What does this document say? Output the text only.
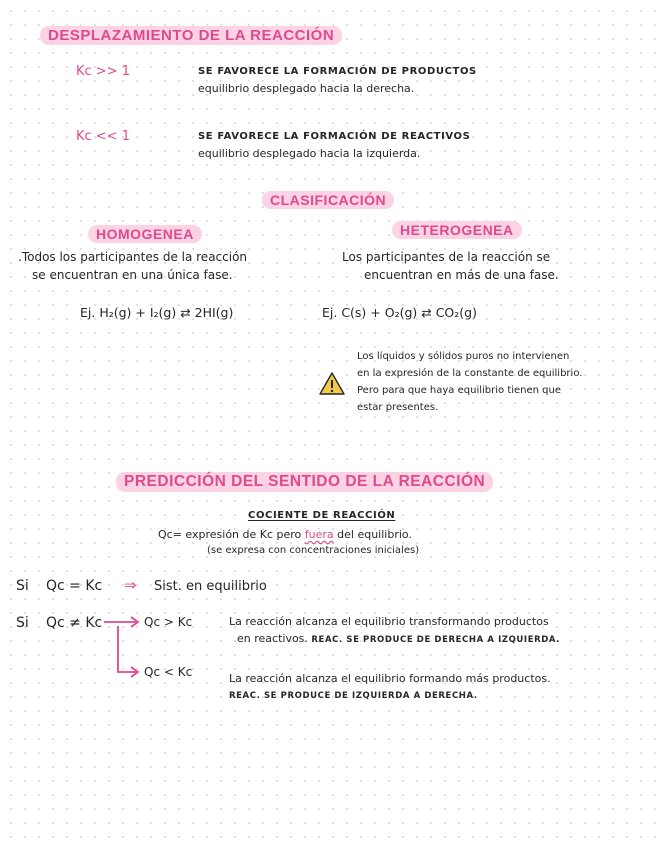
DESPLAZAMIENTO DE LA REACCIÓN
Kc >> 1	SE FAVORECE LA FORMACIÓN DE PRODUCTOS
equilibrio desplegado hacia la derecha.
Kc << 1	SE FAVORECE LA FORMACIÓN DE REACTIVOS
equilibrio desplegado hacia la izquierda.
CLASIFICACIÓN
HOMOGENEA	HETEROGENEA
.Todos los participantes de la reacción
se encuentran en una única fase.
Los participantes de la reacción se
encuentran en más de una fase.
Ej. H₂(g) + I₂(g) ⇄ 2HI(g)	Ej. C(s) + O₂(g) ⇄ CO₂(g)
Los líquidos y sólidos puros no intervienen
en la expresión de la constante de equilibrio.
Pero para que haya equilibrio tienen que
estar presentes.
PREDICCIÓN DEL SENTIDO DE LA REACCIÓN
COCIENTE DE REACCIÓN
Qc= expresión de Kc pero fuera del equilibrio.
(se expresa con concentraciones iniciales)
Si Qc = Kc ⇒ Sist. en equilibrio
Si Qc ≠ Kc	Qc > Kc	La reacción alcanza el equilibrio transformando productos
en reactivos. REAC. SE PRODUCE DE DERECHA A IZQUIERDA.
Qc < Kc	La reacción alcanza el equilibrio formando más productos.
REAC. SE PRODUCE DE IZQUIERDA A DERECHA.
